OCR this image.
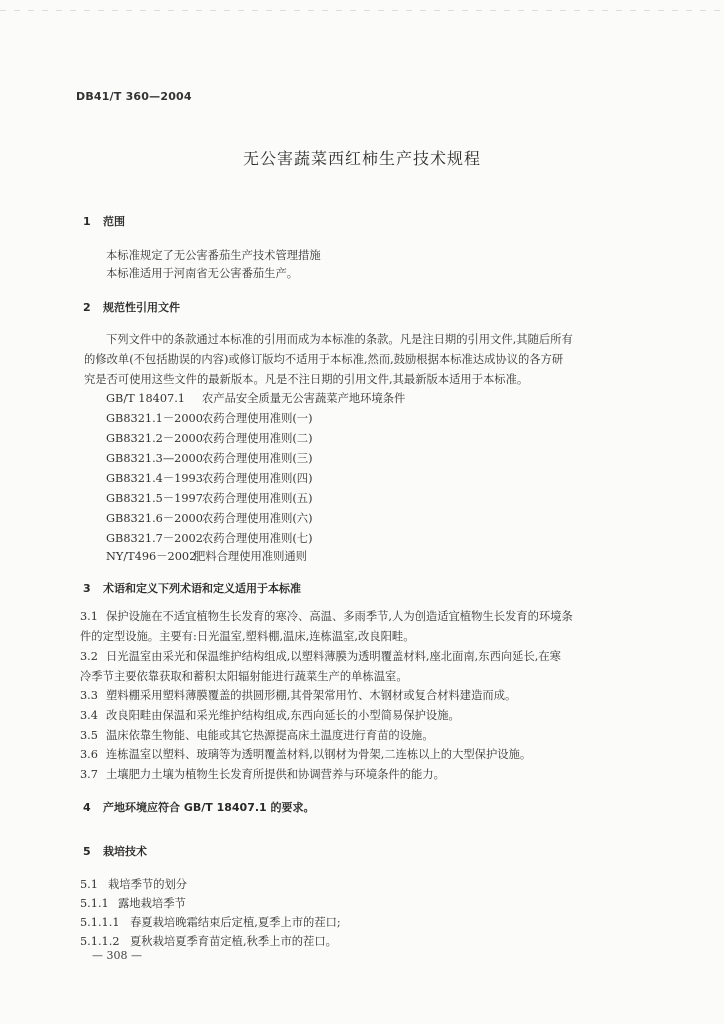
DB41/T 360—2004
无公害蔬菜西红柿生产技术规程
1 范围
本标准规定了无公害番茄生产技术管理措施
本标准适用于河南省无公害番茄生产。
2 规范性引用文件
下列文件中的条款通过本标准的引用而成为本标准的条款。凡是注日期的引用文件,其随后所有
的修改单(不包括勘误的内容)或修订版均不适用于本标准,然而,鼓励根据本标准达成协议的各方研
究是否可使用这些文件的最新版本。凡是不注日期的引用文件,其最新版本适用于本标准。
GB/T 18407.1 农产品安全质量无公害蔬菜产地环境条件
GB8321.1－2000农药合理使用准则(一)
GB8321.2－2000农药合理使用准则(二)
GB8321.3—2000农药合理使用准则(三)
GB8321.4－1993农药合理使用准则(四)
GB8321.5－1997农药合理使用准则(五)
GB8321.6－2000农药合理使用准则(六)
GB8321.7－2002农药合理使用准则(七)
NY/T496－2002肥料合理使用准则通则
3 术语和定义下列术语和定义适用于本标准
3.1 保护设施在不适宜植物生长发育的寒冷、高温、多雨季节,人为创造适宜植物生长发育的环境条
件的定型设施。主要有:日光温室,塑料棚,温床,连栋温室,改良阳畦。
3.2 日光温室由采光和保温维护结构组成,以塑料薄膜为透明覆盖材料,座北面南,东西向延长,在寒
冷季节主要依靠获取和蓄积太阳辐射能进行蔬菜生产的单栋温室。
3.3 塑料棚采用塑料薄膜覆盖的拱圆形棚,其骨架常用竹、木钢材或复合材料建造而成。
3.4 改良阳畦由保温和采光维护结构组成,东西向延长的小型简易保护设施。
3.5 温床依靠生物能、电能或其它热源提高床土温度进行育苗的设施。
3.6 连栋温室以塑料、玻璃等为透明覆盖材料,以钢材为骨架,二连栋以上的大型保护设施。
3.7 土壤肥力土壤为植物生长发育所提供和协调营养与环境条件的能力。
4 产地环境应符合 GB/T 18407.1 的要求。
5 栽培技术
5.1 栽培季节的划分
5.1.1 露地栽培季节
5.1.1.1 春夏栽培晚霜结束后定植,夏季上市的茬口;
5.1.1.2 夏秋栽培夏季育苗定植,秋季上市的茬口。
— 308 —
